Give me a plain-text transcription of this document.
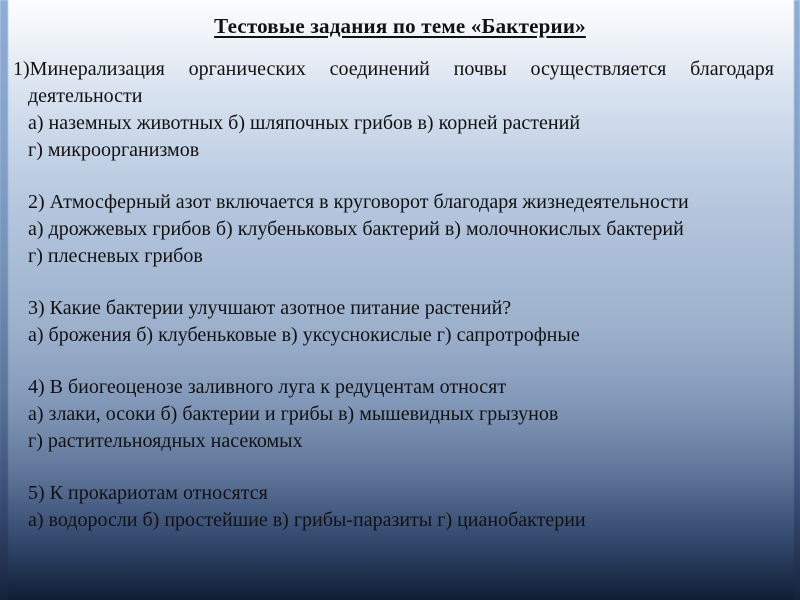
Тестовые задания по теме «Бактерии»
1)Минерализация органических соединений почвы осуществляется благодаря
деятельности
а) наземных животных б) шляпочных грибов в) корней растений
г) микроорганизмов
2) Атмосферный азот включается в круговорот благодаря жизнедеятельности
а) дрожжевых грибов б) клубеньковых бактерий в) молочнокислых бактерий
г) плесневых грибов
3) Какие бактерии улучшают азотное питание растений?
а) брожения б) клубеньковые в) уксуснокислые г) сапротрофные
4) В биогеоценозе заливного луга к редуцентам относят
а) злаки, осоки б) бактерии и грибы в) мышевидных грызунов
г) растительноядных насекомых
5) К прокариотам относятся
а) водоросли б) простейшие в) грибы-паразиты г) цианобактерии
